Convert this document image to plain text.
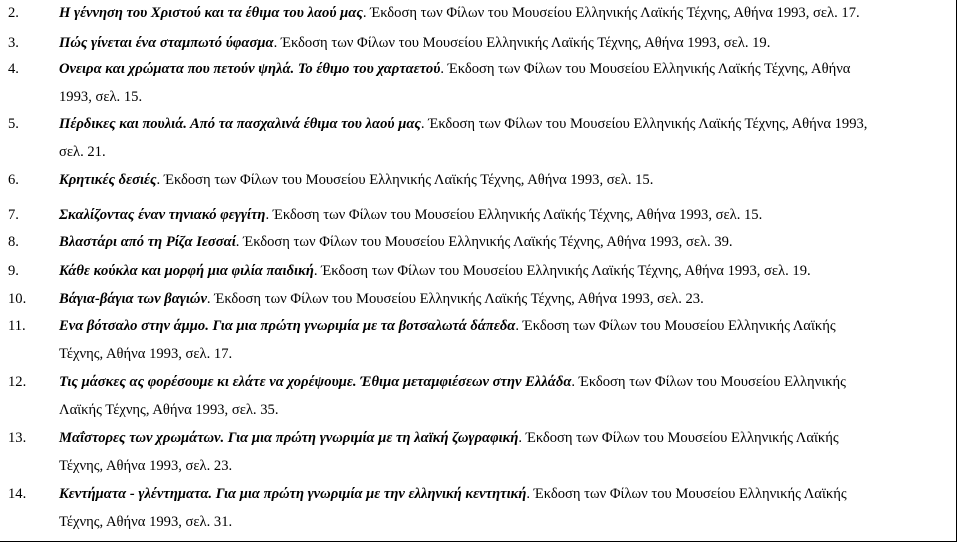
2.	Η γέννηση του Χριστού και τα έθιμα του λαού μας. Έκδοση των Φίλων του Μουσείου Ελληνικής Λαϊκής Τέχνης, Αθήνα 1993, σελ. 17.
3.	Πώς γίνεται ένα σταμπωτό ύφασμα. Έκδοση των Φίλων του Μουσείου Ελληνικής Λαϊκής Τέχνης, Αθήνα 1993, σελ. 19.
4.	Ονειρα και χρώματα που πετούν ψηλά. Το έθιμο του χαρταετού. Έκδοση των Φίλων του Μουσείου Ελληνικής Λαϊκής Τέχνης, Αθήνα
1993, σελ. 15.
5.	Πέρδικες και πουλιά. Από τα πασχαλινά έθιμα του λαού μας. Έκδοση των Φίλων του Μουσείου Ελληνικής Λαϊκής Τέχνης, Αθήνα 1993,
σελ. 21.
6.	Κρητικές δεσιές. Έκδοση των Φίλων του Μουσείου Ελληνικής Λαϊκής Τέχνης, Αθήνα 1993, σελ. 15.
7.	Σκαλίζοντας έναν τηνιακό φεγγίτη. Έκδοση των Φίλων του Μουσείου Ελληνικής Λαϊκής Τέχνης, Αθήνα 1993, σελ. 15.
8.	Βλαστάρι από τη Ρίζα Ιεσσαί. Έκδοση των Φίλων του Μουσείου Ελληνικής Λαϊκής Τέχνης, Αθήνα 1993, σελ. 39.
9.	Κάθε κούκλα και μορφή μια φιλία παιδική. Έκδοση των Φίλων του Μουσείου Ελληνικής Λαϊκής Τέχνης, Αθήνα 1993, σελ. 19.
10. Βάγια-βάγια των βαγιών. Έκδοση των Φίλων του Μουσείου Ελληνικής Λαϊκής Τέχνης, Αθήνα 1993, σελ. 23.
11. Ενα βότσαλο στην άμμο. Για μια πρώτη γνωριμία με τα βοτσαλωτά δάπεδα. Έκδοση των Φίλων του Μουσείου Ελληνικής Λαϊκής
Τέχνης, Αθήνα 1993, σελ. 17.
12. Τις μάσκες ας φορέσουμε κι ελάτε να χορέψουμε. Έθιμα μεταμφιέσεων στην Ελλάδα. Έκδοση των Φίλων του Μουσείου Ελληνικής
Λαϊκής Τέχνης, Αθήνα 1993, σελ. 35.
13. Μαΐστορες των χρωμάτων. Για μια πρώτη γνωριμία με τη λαϊκή ζωγραφική. Έκδοση των Φίλων του Μουσείου Ελληνικής Λαϊκής
Τέχνης, Αθήνα 1993, σελ. 23.
14. Κεντήματα - γλέντηματα. Για μια πρώτη γνωριμία με την ελληνική κεντητική. Έκδοση των Φίλων του Μουσείου Ελληνικής Λαϊκής
Τέχνης, Αθήνα 1993, σελ. 31.
